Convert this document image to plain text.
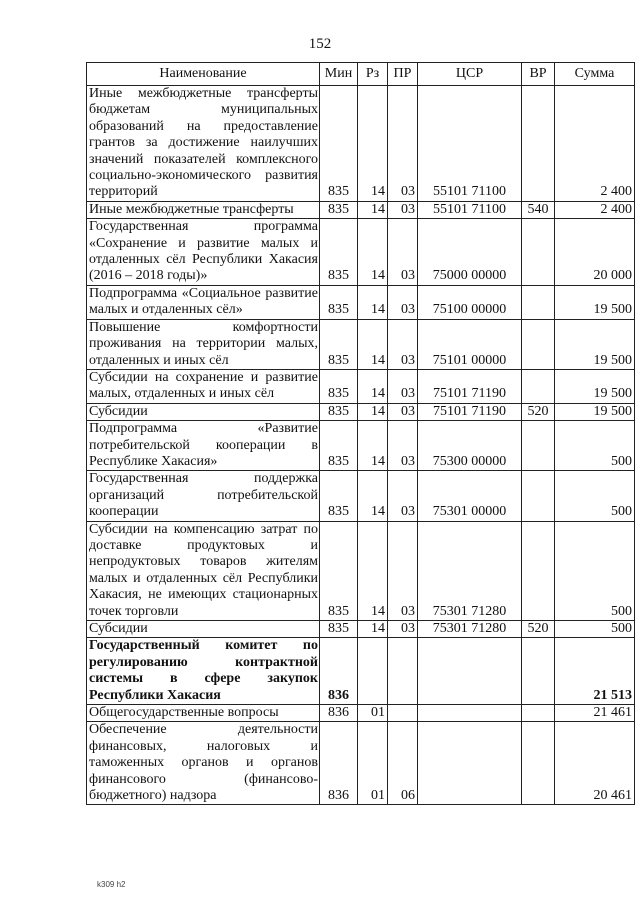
152
Наименование	Мин	Рз	ПР	ЦСР	ВР	Сумма
Иные межбюджетные трансферты бюджетам муниципальных образований на предоставление грантов за достижение наилучших значений показателей комплексного социально-экономического развития территорий	835	14	03	55101 71100		2 400
Иные межбюджетные трансферты	835	14	03	55101 71100	540	2 400
Государственная программа «Сохранение и развитие малых и отдаленных сёл Республики Хакасия (2016 – 2018 годы)»	835	14	03	75000 00000		20 000
Подпрограмма «Социальное развитие малых и отдаленных сёл»	835	14	03	75100 00000		19 500
Повышение комфортности проживания на территории малых, отдаленных и иных сёл	835	14	03	75101 00000		19 500
Субсидии на сохранение и развитие малых, отдаленных и иных сёл	835	14	03	75101 71190		19 500
Субсидии	835	14	03	75101 71190	520	19 500
Подпрограмма «Развитие потребительской кооперации в Республике Хакасия»	835	14	03	75300 00000		500
Государственная поддержка организаций потребительской кооперации	835	14	03	75301 00000		500
Субсидии на компенсацию затрат по доставке продуктовых и непродуктовых товаров жителям малых и отдаленных сёл Республики Хакасия, не имеющих стационарных точек торговли	835	14	03	75301 71280		500
Субсидии	835	14	03	75301 71280	520	500
Государственный комитет по регулированию контрактной системы в сфере закупок Республики Хакасия	836					21 513
Общегосударственные вопросы	836	01				21 461
Обеспечение деятельности финансовых, налоговых и таможенных органов и органов финансового (финансово-бюджетного) надзора	836	01	06			20 461
k309 h2
